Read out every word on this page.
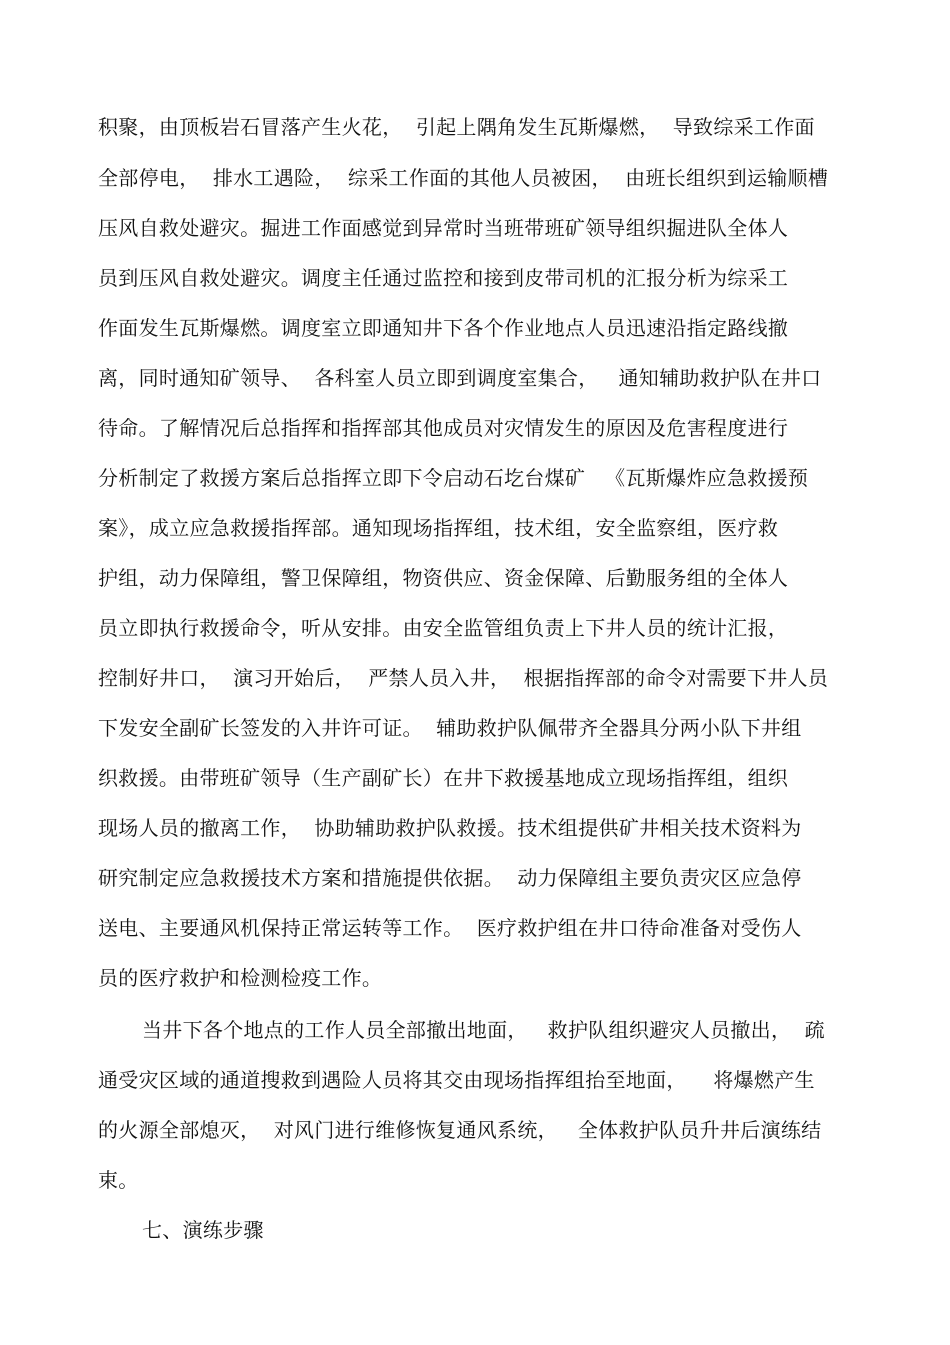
积聚，由顶板岩石冒落产生火花，  引起上隅角发生瓦斯爆燃，  导致综采工作面
全部停电，  排水工遇险，  综采工作面的其他人员被困，  由班长组织到运输顺槽
压风自救处避灾。掘进工作面感觉到异常时当班带班矿领导组织掘进队全体人
员到压风自救处避灾。调度主任通过监控和接到皮带司机的汇报分析为综采工
作面发生瓦斯爆燃。调度室立即通知井下各个作业地点人员迅速沿指定路线撤
离，同时通知矿领导、  各科室人员立即到调度室集合，   通知辅助救护队在井口
待命。了解情况后总指挥和指挥部其他成员对灾情发生的原因及危害程度进行
分析制定了救援方案后总指挥立即下令启动石圪台煤矿   《瓦斯爆炸应急救援预
案》，成立应急救援指挥部。通知现场指挥组，技术组，安全监察组，医疗救
护组，动力保障组，警卫保障组，物资供应、资金保障、后勤服务组的全体人
员立即执行救援命令，听从安排。由安全监管组负责上下井人员的统计汇报，
控制好井口，  演习开始后，  严禁人员入井，  根据指挥部的命令对需要下井人员
下发安全副矿长签发的入井许可证。  辅助救护队佩带齐全器具分两小队下井组
织救援。由带班矿领导（生产副矿长）在井下救援基地成立现场指挥组，组织
现场人员的撤离工作，  协助辅助救护队救援。技术组提供矿井相关技术资料为
研究制定应急救援技术方案和措施提供依据。  动力保障组主要负责灾区应急停
送电、主要通风机保持正常运转等工作。  医疗救护组在井口待命准备对受伤人
员的医疗救护和检测检疫工作。
当井下各个地点的工作人员全部撤出地面，   救护队组织避灾人员撤出，  疏
通受灾区域的通道搜救到遇险人员将其交由现场指挥组抬至地面，    将爆燃产生
的火源全部熄灭，  对风门进行维修恢复通风系统，   全体救护队员升井后演练结
束。
七、演练步骤
